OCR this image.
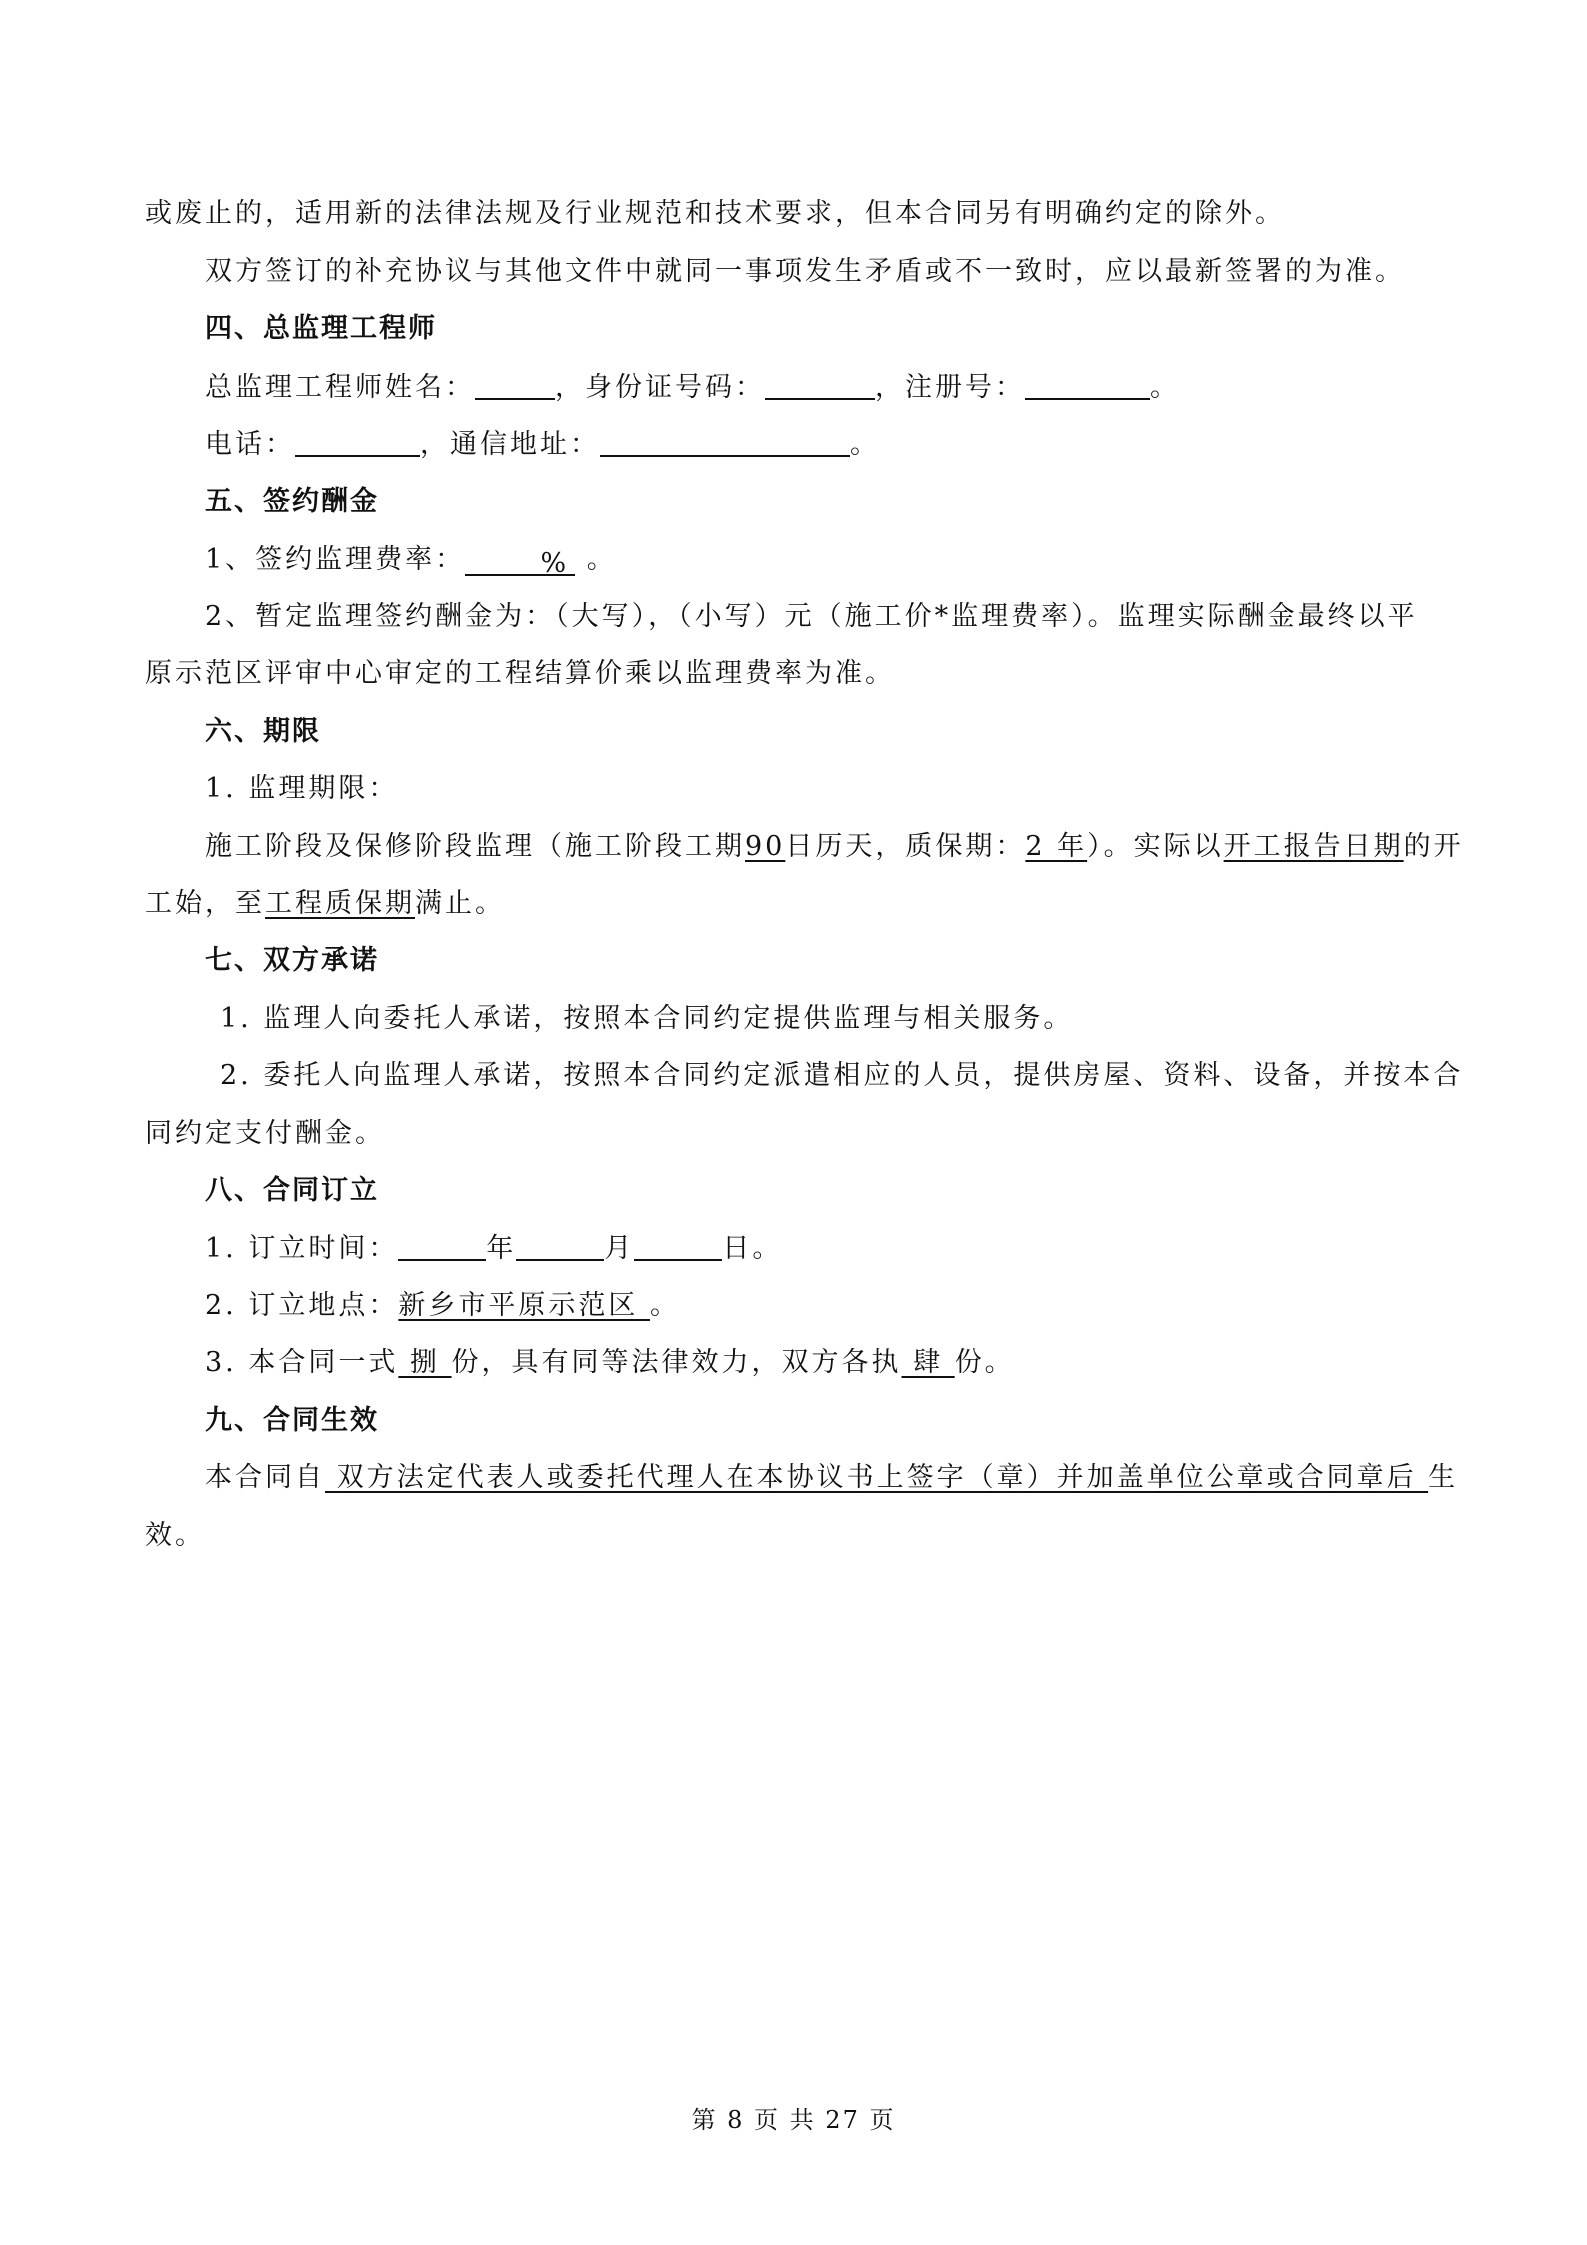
或废止的，适用新的法律法规及行业规范和技术要求，但本合同另有明确约定的除外。
双方签订的补充协议与其他文件中就同一事项发生矛盾或不一致时，应以最新签署的为准。
四、总监理工程师
总监理工程师姓名：	，身份证号码：	，注册号：	。
电话：	，通信地址：	。
五、签约酬金
1、签约监理费率：	% 。
2、暂定监理签约酬金为：（大写），（小写）元（施工价*监理费率）。监理实际酬金最终以平
原示范区评审中心审定的工程结算价乘以监理费率为准。
六、期限
1. 监理期限：
施工阶段及保修阶段监理（施工阶段工期90日历天，质保期：2 年）。实际以开工报告日期的开
工始，至工程质保期满止。
七、双方承诺
1. 监理人向委托人承诺，按照本合同约定提供监理与相关服务。
2. 委托人向监理人承诺，按照本合同约定派遣相应的人员，提供房屋、资料、设备，并按本合
同约定支付酬金。
八、合同订立
1. 订立时间：	年	月	日。
2. 订立地点：新乡市平原示范区 。
3. 本合同一式 捌 份，具有同等法律效力，双方各执 肆 份。
九、合同生效
本合同自 双方法定代表人或委托代理人在本协议书上签字（章）并加盖单位公章或合同章后 生
效。
第 8 页 共 27 页
